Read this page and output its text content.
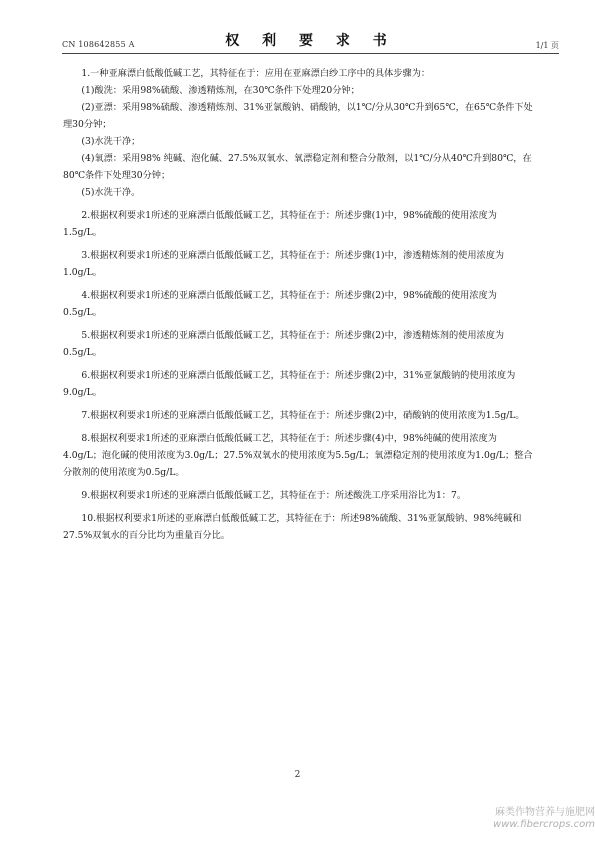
CN 108642855 A	权 利 要 求 书	1/1 页

1.一种亚麻漂白低酸低碱工艺，其特征在于：应用在亚麻漂白纱工序中的具体步骤为：

(1)酸洗：采用98%硫酸、渗透精炼剂，在30℃条件下处理20分钟；

(2)亚漂：采用98%硫酸、渗透精炼剂、31%亚氯酸钠、硝酸钠，以1℃/分从30℃升到65℃，在65℃条件下处理30分钟；

(3)水洗干净；

(4)氧漂：采用98% 纯碱、泡化碱、27.5%双氧水、氧漂稳定剂和整合分散剂，以1℃/分从40℃升到80℃，在80℃条件下处理30分钟；

(5)水洗干净。

2.根据权利要求1所述的亚麻漂白低酸低碱工艺，其特征在于：所述步骤(1)中，98%硫酸的使用浓度为1.5g/L。

3.根据权利要求1所述的亚麻漂白低酸低碱工艺，其特征在于：所述步骤(1)中，渗透精炼剂的使用浓度为1.0g/L。

4.根据权利要求1所述的亚麻漂白低酸低碱工艺，其特征在于：所述步骤(2)中，98%硫酸的使用浓度为0.5g/L。

5.根据权利要求1所述的亚麻漂白低酸低碱工艺，其特征在于：所述步骤(2)中，渗透精炼剂的使用浓度为0.5g/L。

6.根据权利要求1所述的亚麻漂白低酸低碱工艺，其特征在于：所述步骤(2)中，31%亚氯酸钠的使用浓度为9.0g/L。

7.根据权利要求1所述的亚麻漂白低酸低碱工艺，其特征在于：所述步骤(2)中，硝酸钠的使用浓度为1.5g/L。

8.根据权利要求1所述的亚麻漂白低酸低碱工艺，其特征在于：所述步骤(4)中，98%纯碱的使用浓度为4.0g/L；泡化碱的使用浓度为3.0g/L；27.5%双氧水的使用浓度为5.5g/L；氧漂稳定剂的使用浓度为1.0g/L；整合分散剂的使用浓度为0.5g/L。

9.根据权利要求1所述的亚麻漂白低酸低碱工艺，其特征在于：所述酸洗工序采用浴比为1：7。

10.根据权利要求1所述的亚麻漂白低酸低碱工艺，其特征在于：所述98%硫酸、31%亚氯酸钠、98%纯碱和27.5%双氧水的百分比均为重量百分比。

2
麻类作物营养与施肥网
www.fibercrops.com
